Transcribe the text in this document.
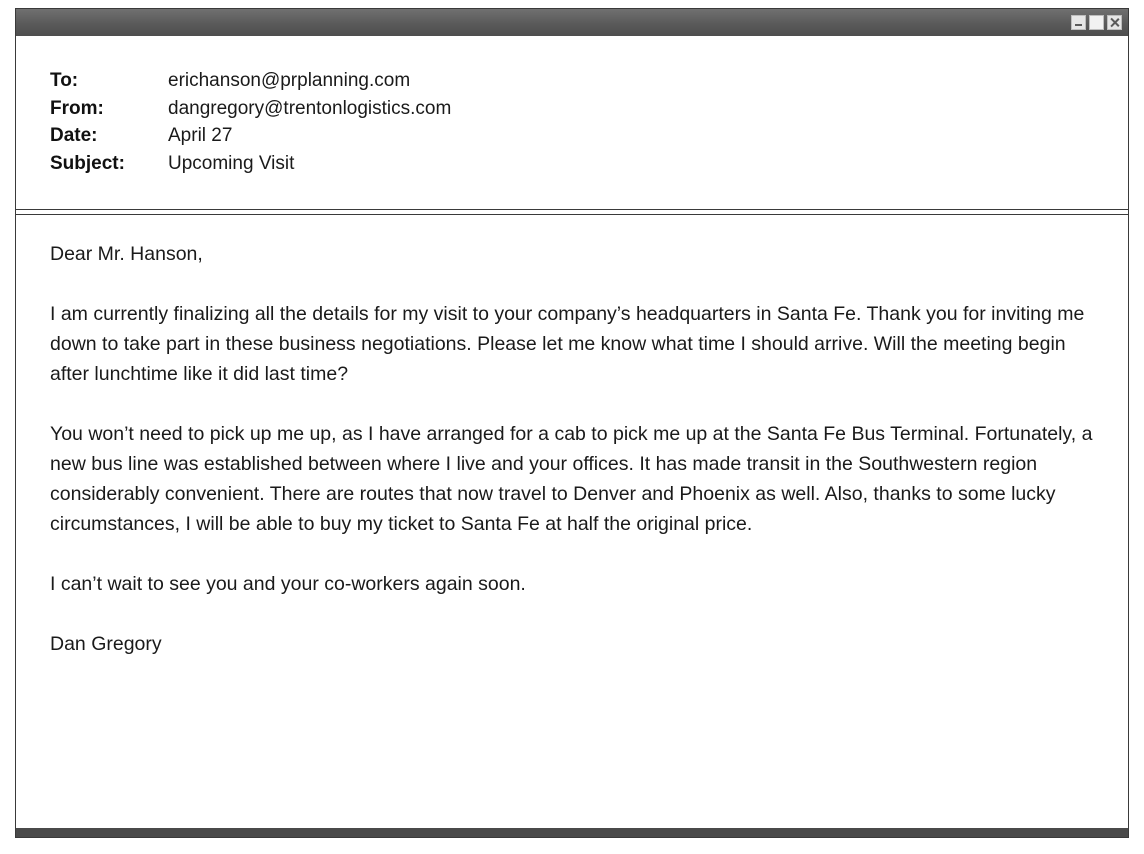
To:	erichanson@prplanning.com
From:	dangregory@trentonlogistics.com
Date:	April 27
Subject: Upcoming Visit

Dear Mr. Hanson,

I am currently finalizing all the details for my visit to your company’s headquarters in Santa Fe. Thank you for inviting me down to take part in these business negotiations. Please let me know what time I should arrive. Will the meeting begin after lunchtime like it did last time?

You won’t need to pick up me up, as I have arranged for a cab to pick me up at the Santa Fe Bus Terminal. Fortunately, a new bus line was established between where I live and your offices. It has made transit in the Southwestern region considerably convenient. There are routes that now travel to Denver and Phoenix as well. Also, thanks to some lucky circumstances, I will be able to buy my ticket to Santa Fe at half the original price.

I can’t wait to see you and your co-workers again soon.

Dan Gregory
